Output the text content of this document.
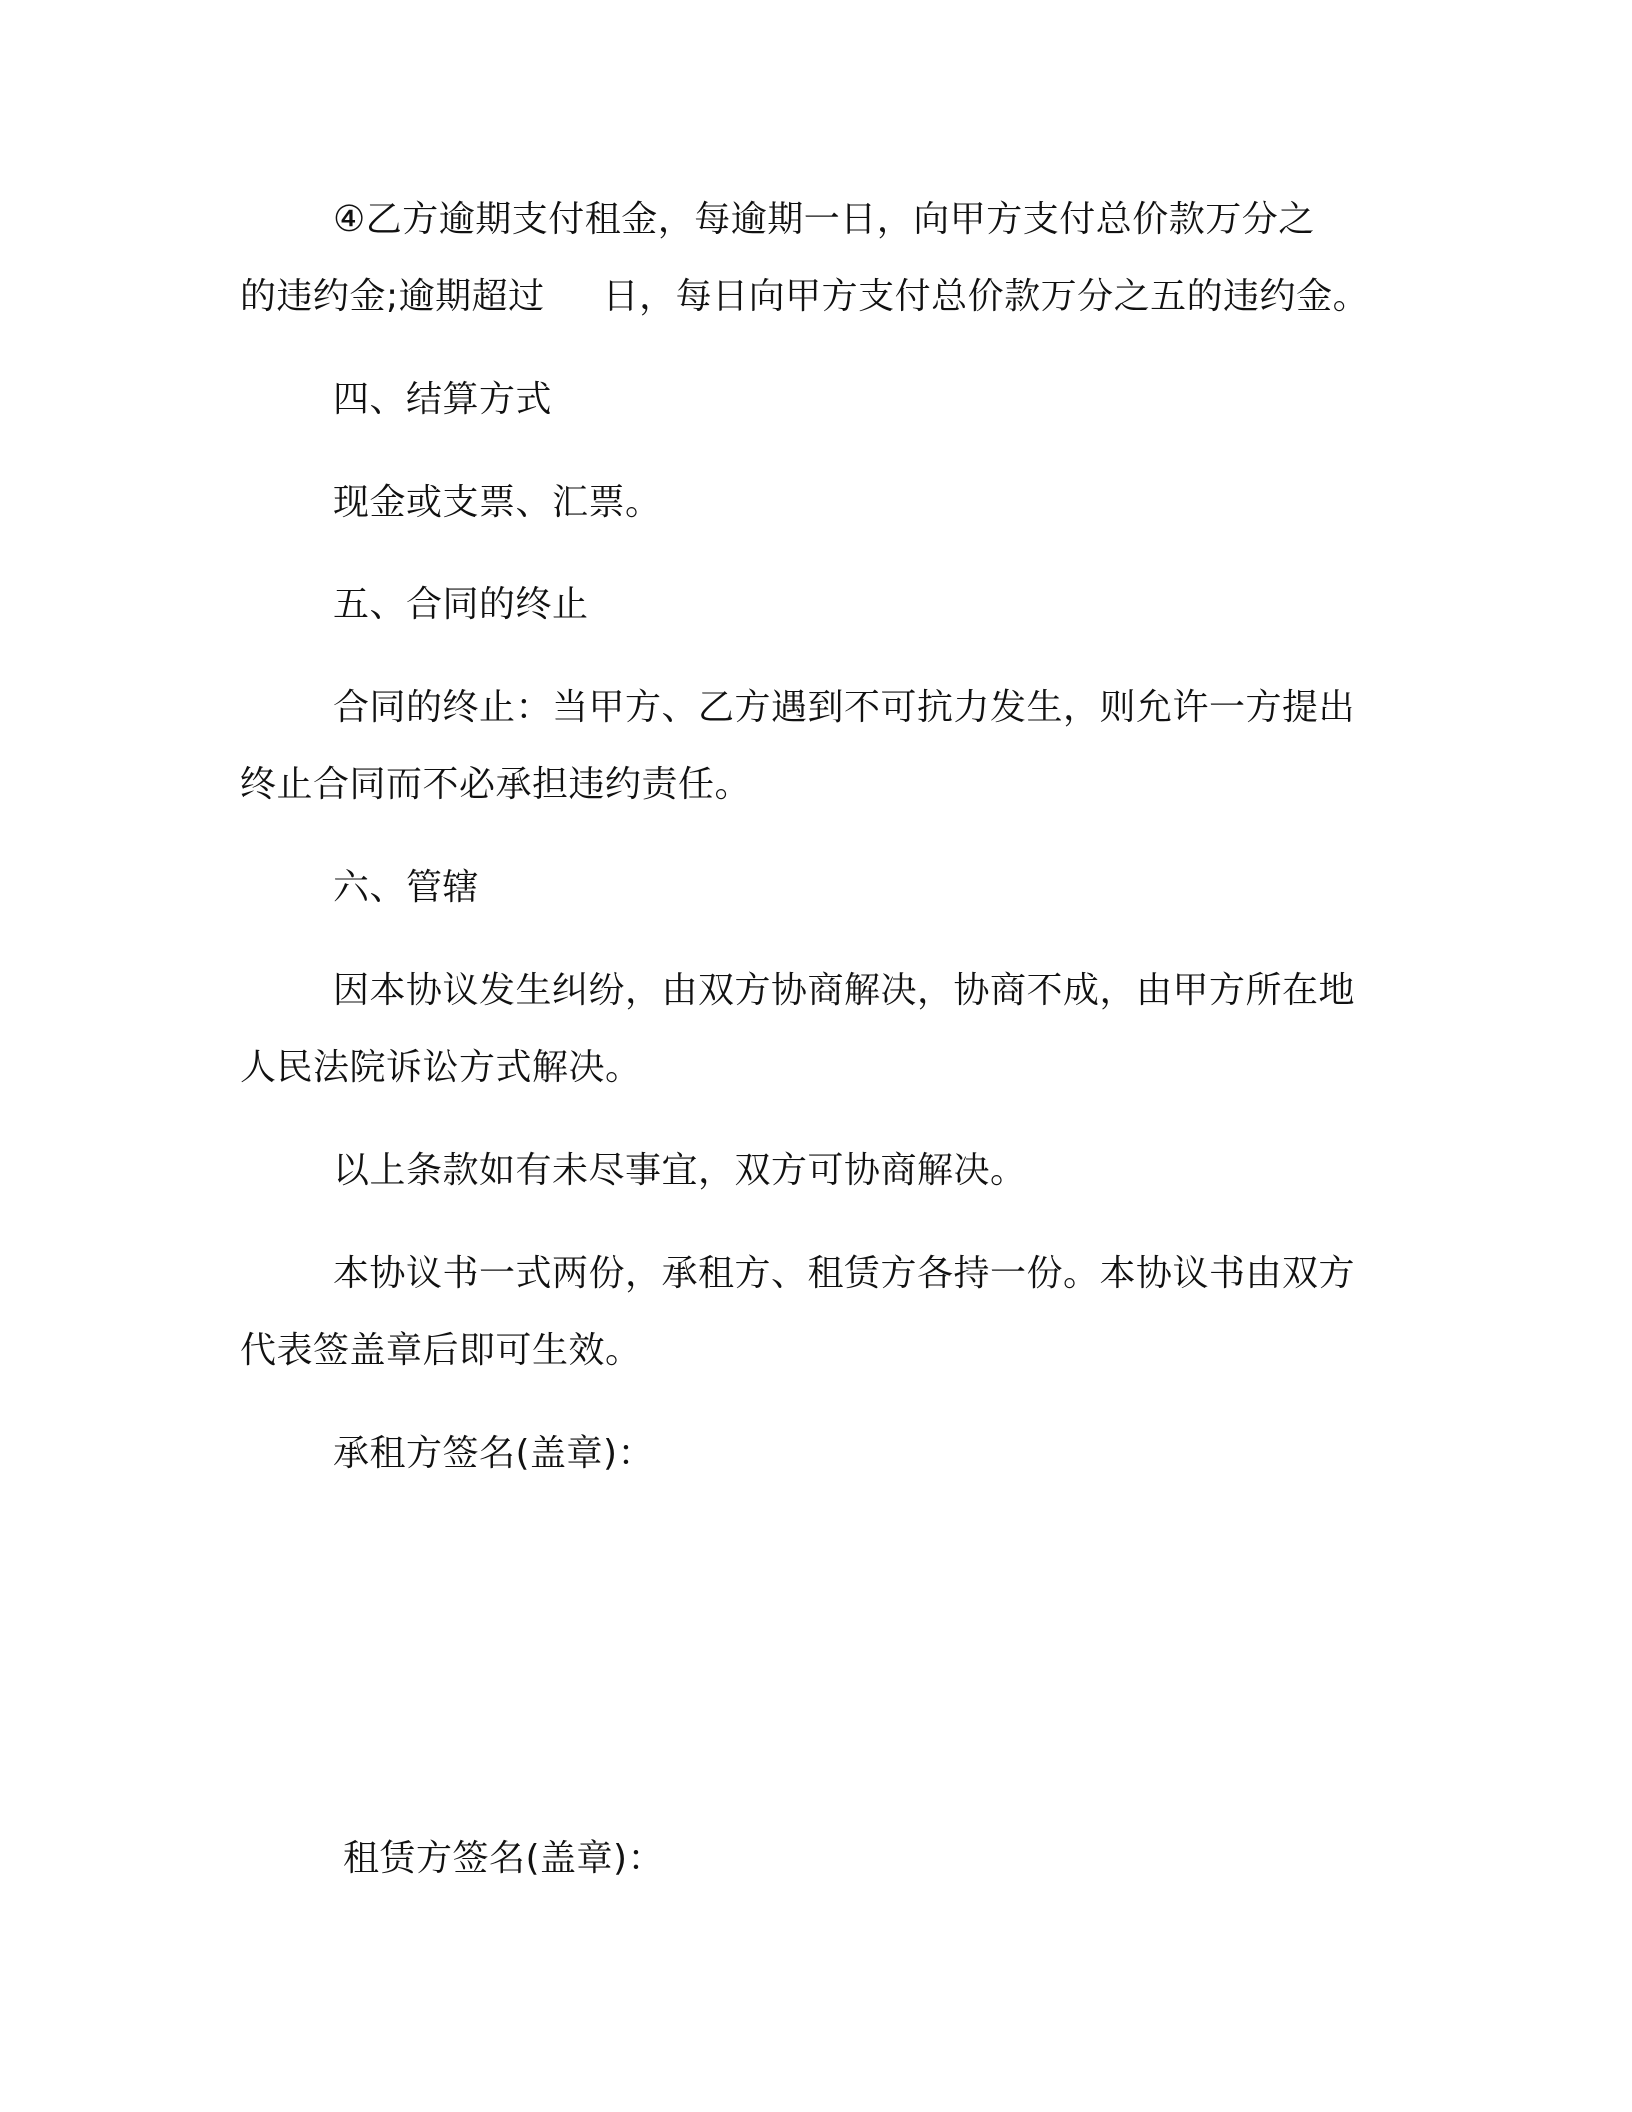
④乙方逾期支付租金，每逾期一日，向甲方支付总价款万分之

的违约金;逾期超过 日，每日向甲方支付总价款万分之五的违约金。

四、结算方式

现金或支票、汇票。

五、合同的终止

合同的终止：当甲方、乙方遇到不可抗力发生，则允许一方提出

终止合同而不必承担违约责任。

六、管辖

因本协议发生纠纷，由双方协商解决，协商不成，由甲方所在地

人民法院诉讼方式解决。

以上条款如有未尽事宜，双方可协商解决。

本协议书一式两份，承租方、租赁方各持一份。本协议书由双方

代表签盖章后即可生效。

承租方签名(盖章)：

租赁方签名(盖章)：
